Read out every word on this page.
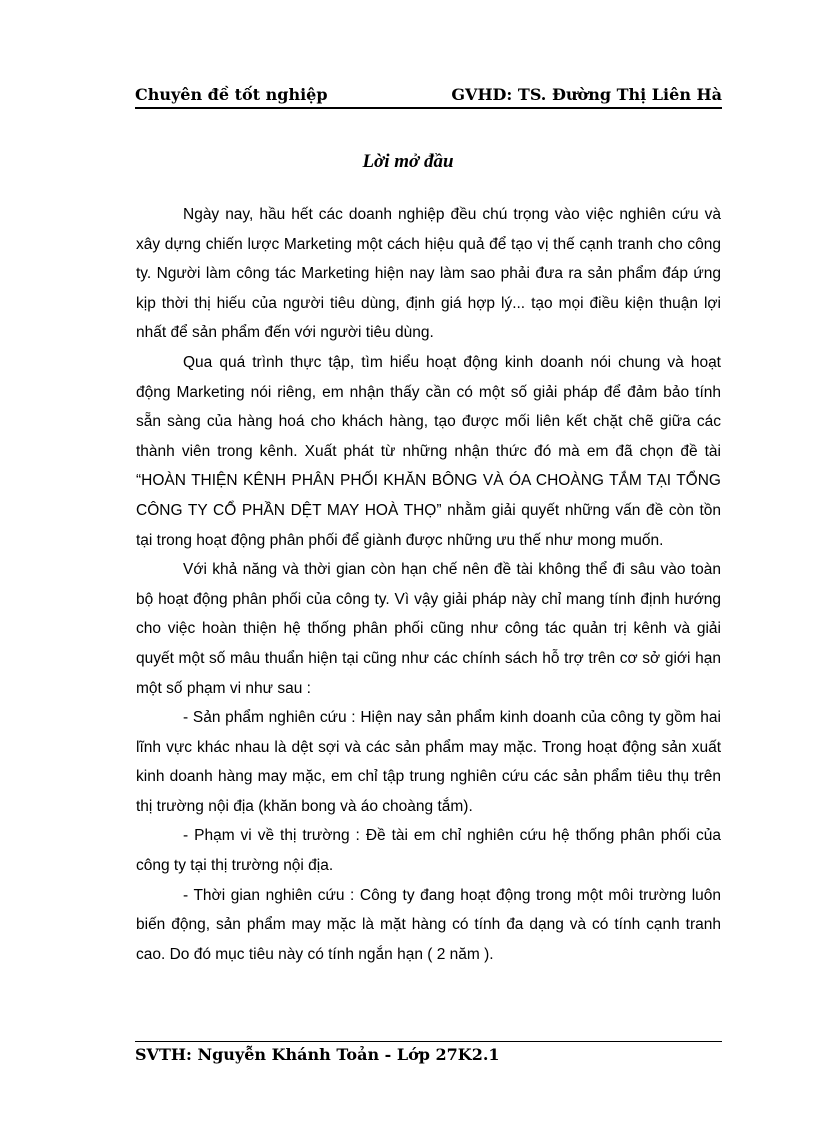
Chuyên đề tốt nghiệp	GVHD: TS. Đường Thị Liên Hà
Lời mở đầu

Ngày nay, hầu hết các doanh nghiệp đều chú trọng vào việc nghiên cứu và xây dựng chiến lược Marketing một cách hiệu quả để tạo vị thế cạnh tranh cho công ty. Người làm công tác Marketing hiện nay làm sao phải đưa ra sản phẩm đáp ứng kịp thời thị hiếu của người tiêu dùng, định giá hợp lý... tạo mọi điều kiện thuận lợi nhất để sản phẩm đến với người tiêu dùng.

Qua quá trình thực tập, tìm hiểu hoạt động kinh doanh nói chung và hoạt động Marketing nói riêng, em nhận thấy cần có một số giải pháp để đảm bảo tính sẵn sàng của hàng hoá cho khách hàng, tạo được mối liên kết chặt chẽ giữa các thành viên trong kênh. Xuất phát từ những nhận thức đó mà em đã chọn đề tài “HOÀN THIỆN KÊNH PHÂN PHỐI KHĂN BÔNG VÀ ÓA CHOÀNG TẮM TẠI TỔNG CÔNG TY CỔ PHẦN DỆT MAY HOÀ THỌ” nhằm giải quyết những vấn đề còn tồn tại trong hoạt động phân phối để giành được những ưu thế như mong muốn.

Với khả năng và thời gian còn hạn chế nên đề tài không thể đi sâu vào toàn bộ hoạt động phân phối của công ty. Vì vậy giải pháp này chỉ mang tính định hướng cho việc hoàn thiện hệ thống phân phối cũng như công tác quản trị kênh và giải quyết một số mâu thuẩn hiện tại cũng như các chính sách hỗ trợ trên cơ sở giới hạn một số phạm vi như sau :

- Sản phẩm nghiên cứu : Hiện nay sản phẩm kinh doanh của công ty gồm hai lĩnh vực khác nhau là dệt sợi và các sản phẩm may mặc. Trong hoạt động sản xuất kinh doanh hàng may mặc, em chỉ tập trung nghiên cứu các sản phẩm tiêu thụ trên thị trường nội địa (khăn bong và áo choàng tắm).

- Phạm vi về thị trường : Đề tài em chỉ nghiên cứu hệ thống phân phối của công ty tại thị trường nội địa.

- Thời gian nghiên cứu : Công ty đang hoạt động trong một môi trường luôn biến động, sản phẩm may mặc là mặt hàng có tính đa dạng và có tính cạnh tranh cao. Do đó mục tiêu này có tính ngắn hạn ( 2 năm ).

SVTH: Nguyễn Khánh Toản - Lớp 27K2.1
